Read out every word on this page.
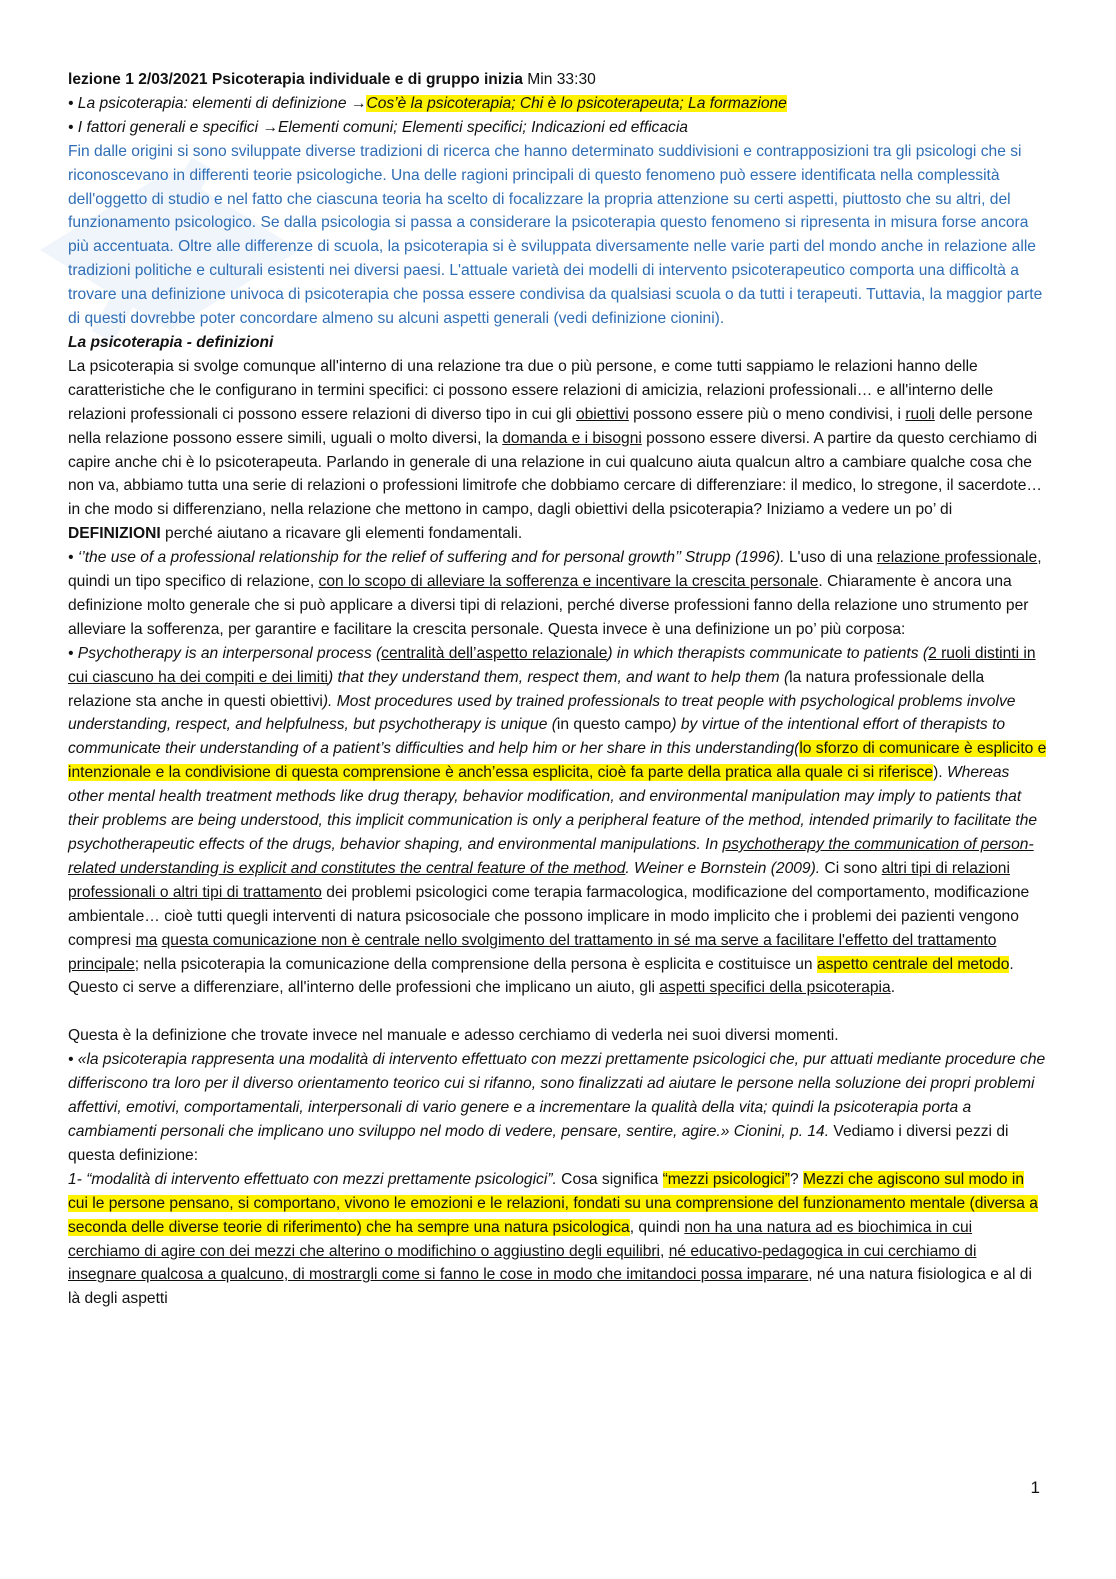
lezione 1 2/03/2021 Psicoterapia individuale e di gruppo inizia Min 33:30

• La psicoterapia: elementi di definizione →Cos’è la psicoterapia; Chi è lo psicoterapeuta; La formazione

• I fattori generali e specifici →Elementi comuni; Elementi specifici; Indicazioni ed efficacia

Fin dalle origini si sono sviluppate diverse tradizioni di ricerca che hanno determinato suddivisioni e contrapposizioni tra gli psicologi che si riconoscevano in differenti teorie psicologiche. Una delle ragioni principali di questo fenomeno può essere identificata nella complessità dell'oggetto di studio e nel fatto che ciascuna teoria ha scelto di focalizzare la propria attenzione su certi aspetti, piuttosto che su altri, del funzionamento psicologico. Se dalla psicologia si passa a considerare la psicoterapia questo fenomeno si ripresenta in misura forse ancora più accentuata. Oltre alle differenze di scuola, la psicoterapia si è sviluppata diversamente nelle varie parti del mondo anche in relazione alle tradizioni politiche e culturali esistenti nei diversi paesi. L'attuale varietà dei modelli di intervento psicoterapeutico comporta una difficoltà a trovare una definizione univoca di psicoterapia che possa essere condivisa da qualsiasi scuola o da tutti i terapeuti. Tuttavia, la maggior parte di questi dovrebbe poter concordare almeno su alcuni aspetti generali (vedi definizione cionini).

La psicoterapia - definizioni

La psicoterapia si svolge comunque all'interno di una relazione tra due o più persone, e come tutti sappiamo le relazioni hanno delle caratteristiche che le configurano in termini specifici: ci possono essere relazioni di amicizia, relazioni professionali… e all'interno delle relazioni professionali ci possono essere relazioni di diverso tipo in cui gli obiettivi possono essere più o meno condivisi, i ruoli delle persone nella relazione possono essere simili, uguali o molto diversi, la domanda e i bisogni possono essere diversi. A partire da questo cerchiamo di capire anche chi è lo psicoterapeuta. Parlando in generale di una relazione in cui qualcuno aiuta qualcun altro a cambiare qualche cosa che non va, abbiamo tutta una serie di relazioni o professioni limitrofe che dobbiamo cercare di differenziare: il medico, lo stregone, il sacerdote… in che modo si differenziano, nella relazione che mettono in campo, dagli obiettivi della psicoterapia? Iniziamo a vedere un po’ di DEFINIZIONI perché aiutano a ricavare gli elementi fondamentali.

• ‘’the use of a professional relationship for the relief of suffering and for personal growth’’ Strupp (1996). L'uso di una relazione professionale, quindi un tipo specifico di relazione, con lo scopo di alleviare la sofferenza e incentivare la crescita personale. Chiaramente è ancora una definizione molto generale che si può applicare a diversi tipi di relazioni, perché diverse professioni fanno della relazione uno strumento per alleviare la sofferenza, per garantire e facilitare la crescita personale. Questa invece è una definizione un po’ più corposa:

• Psychotherapy is an interpersonal process (centralità dell’aspetto relazionale) in which therapists communicate to patients (2 ruoli distinti in cui ciascuno ha dei compiti e dei limiti) that they understand them, respect them, and want to help them (la natura professionale della relazione sta anche in questi obiettivi). Most procedures used by trained professionals to treat people with psychological problems involve understanding, respect, and helpfulness, but psychotherapy is unique (in questo campo) by virtue of the intentional effort of therapists to communicate their understanding of a patient’s difficulties and help him or her share in this understanding(lo sforzo di comunicare è esplicito e intenzionale e la condivisione di questa comprensione è anch’essa esplicita, cioè fa parte della pratica alla quale ci si riferisce). Whereas other mental health treatment methods like drug therapy, behavior modification, and environmental manipulation may imply to patients that their problems are being understood, this implicit communication is only a peripheral feature of the method, intended primarily to facilitate the psychotherapeutic effects of the drugs, behavior shaping, and environmental manipulations. In psychotherapy the communication of person-related understanding is explicit and constitutes the central feature of the method. Weiner e Bornstein (2009). Ci sono altri tipi di relazioni professionali o altri tipi di trattamento dei problemi psicologici come terapia farmacologica, modificazione del comportamento, modificazione ambientale… cioè tutti quegli interventi di natura psicosociale che possono implicare in modo implicito che i problemi dei pazienti vengono compresi ma questa comunicazione non è centrale nello svolgimento del trattamento in sé ma serve a facilitare l'effetto del trattamento principale; nella psicoterapia la comunicazione della comprensione della persona è esplicita e costituisce un aspetto centrale del metodo. Questo ci serve a differenziare, all'interno delle professioni che implicano un aiuto, gli aspetti specifici della psicoterapia.

Questa è la definizione che trovate invece nel manuale e adesso cerchiamo di vederla nei suoi diversi momenti.

• «la psicoterapia rappresenta una modalità di intervento effettuato con mezzi prettamente psicologici che, pur attuati mediante procedure che differiscono tra loro per il diverso orientamento teorico cui si rifanno, sono finalizzati ad aiutare le persone nella soluzione dei propri problemi affettivi, emotivi, comportamentali, interpersonali di vario genere e a incrementare la qualità della vita; quindi la psicoterapia porta a cambiamenti personali che implicano uno sviluppo nel modo di vedere, pensare, sentire, agire.» Cionini, p. 14. Vediamo i diversi pezzi di questa definizione:

1- “modalità di intervento effettuato con mezzi prettamente psicologici”. Cosa significa “mezzi psicologici”? Mezzi che agiscono sul modo in cui le persone pensano, si comportano, vivono le emozioni e le relazioni, fondati su una comprensione del funzionamento mentale (diversa a seconda delle diverse teorie di riferimento) che ha sempre una natura psicologica, quindi non ha una natura ad es biochimica in cui cerchiamo di agire con dei mezzi che alterino o modifichino o aggiustino degli equilibri, né educativo-pedagogica in cui cerchiamo di insegnare qualcosa a qualcuno, di mostrargli come si fanno le cose in modo che imitandoci possa imparare, né una natura fisiologica e al di là degli aspetti

1
